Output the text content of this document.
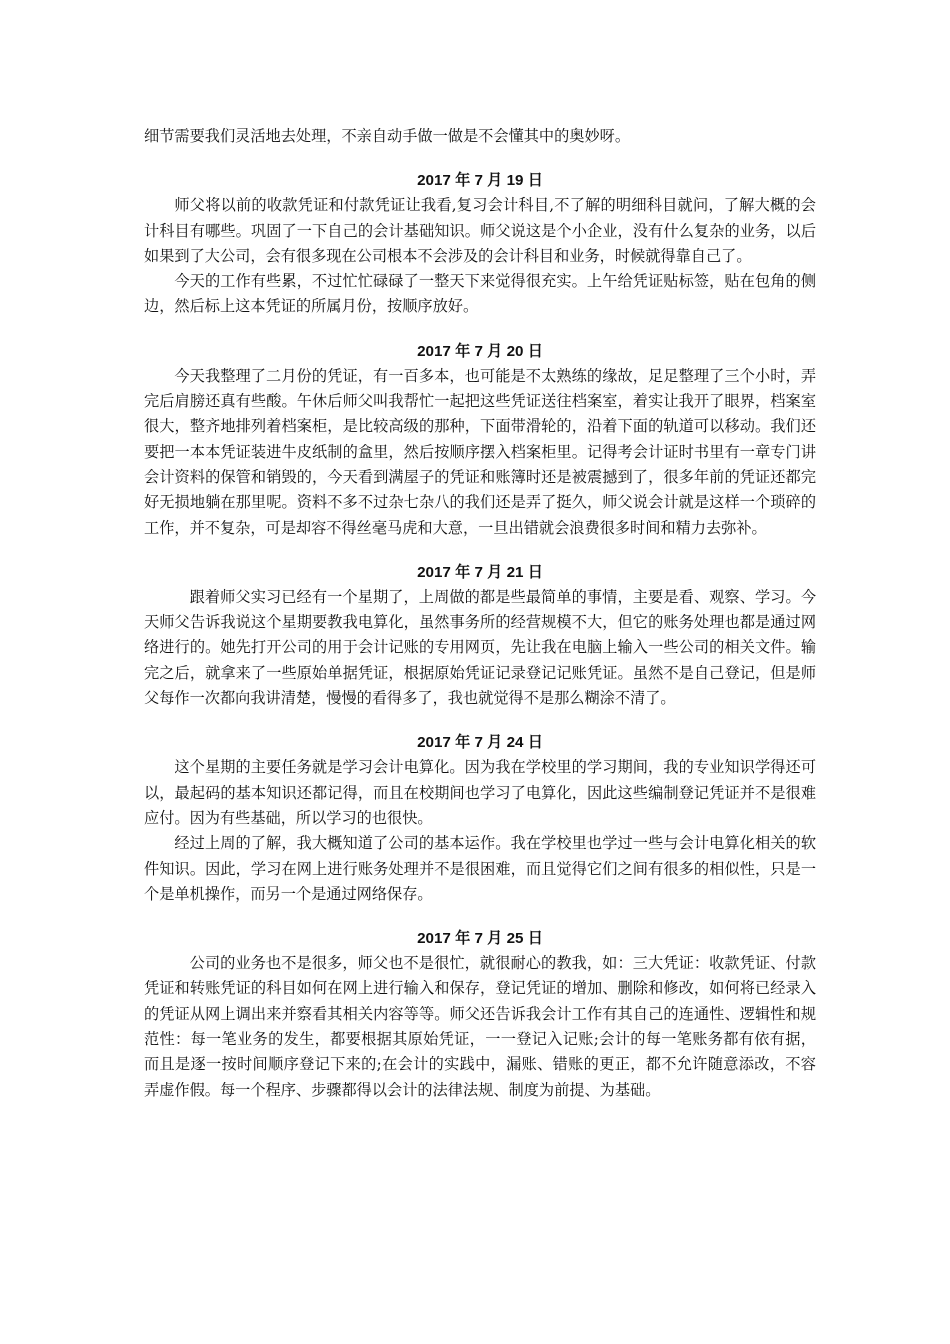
细节需要我们灵活地去处理，不亲自动手做一做是不会懂其中的奥妙呀。

2017 年 7 月 19 日

师父将以前的收款凭证和付款凭证让我看,复习会计科目,不了解的明细科目就问，了解大概的会计科目有哪些。巩固了一下自己的会计基础知识。师父说这是个小企业，没有什么复杂的业务，以后如果到了大公司，会有很多现在公司根本不会涉及的会计科目和业务，时候就得靠自己了。

今天的工作有些累，不过忙忙碌碌了一整天下来觉得很充实。上午给凭证贴标签，贴在包角的侧边，然后标上这本凭证的所属月份，按顺序放好。

2017 年 7 月 20 日

今天我整理了二月份的凭证，有一百多本，也可能是不太熟练的缘故，足足整理了三个小时，弄完后肩膀还真有些酸。午休后师父叫我帮忙一起把这些凭证送往档案室，着实让我开了眼界，档案室很大，整齐地排列着档案柜，是比较高级的那种，下面带滑轮的，沿着下面的轨道可以移动。我们还要把一本本凭证装进牛皮纸制的盒里，然后按顺序摆入档案柜里。记得考会计证时书里有一章专门讲会计资料的保管和销毁的，今天看到满屋子的凭证和账簿时还是被震撼到了，很多年前的凭证还都完好无损地躺在那里呢。资料不多不过杂七杂八的我们还是弄了挺久，师父说会计就是这样一个琐碎的工作，并不复杂，可是却容不得丝毫马虎和大意，一旦出错就会浪费很多时间和精力去弥补。

2017 年 7 月 21 日

跟着师父实习已经有一个星期了，上周做的都是些最简单的事情，主要是看、观察、学习。今天师父告诉我说这个星期要教我电算化，虽然事务所的经营规模不大，但它的账务处理也都是通过网络进行的。她先打开公司的用于会计记账的专用网页，先让我在电脑上输入一些公司的相关文件。输完之后，就拿来了一些原始单据凭证，根据原始凭证记录登记记账凭证。虽然不是自己登记，但是师父每作一次都向我讲清楚，慢慢的看得多了，我也就觉得不是那么糊涂不清了。

2017 年 7 月 24 日

这个星期的主要任务就是学习会计电算化。因为我在学校里的学习期间，我的专业知识学得还可以，最起码的基本知识还都记得，而且在校期间也学习了电算化，因此这些编制登记凭证并不是很难应付。因为有些基础，所以学习的也很快。

经过上周的了解，我大概知道了公司的基本运作。我在学校里也学过一些与会计电算化相关的软件知识。因此，学习在网上进行账务处理并不是很困难，而且觉得它们之间有很多的相似性，只是一个是单机操作，而另一个是通过网络保存。

2017 年 7 月 25 日

公司的业务也不是很多，师父也不是很忙，就很耐心的教我，如：三大凭证：收款凭证、付款凭证和转账凭证的科目如何在网上进行输入和保存，登记凭证的增加、删除和修改，如何将已经录入的凭证从网上调出来并察看其相关内容等等。师父还告诉我会计工作有其自己的连通性、逻辑性和规范性：每一笔业务的发生，都要根据其原始凭证，一一登记入记账;会计的每一笔账务都有依有据，而且是逐一按时间顺序登记下来的;在会计的实践中，漏账、错账的更正，都不允许随意添改，不容弄虚作假。每一个程序、步骤都得以会计的法律法规、制度为前提、为基础。
